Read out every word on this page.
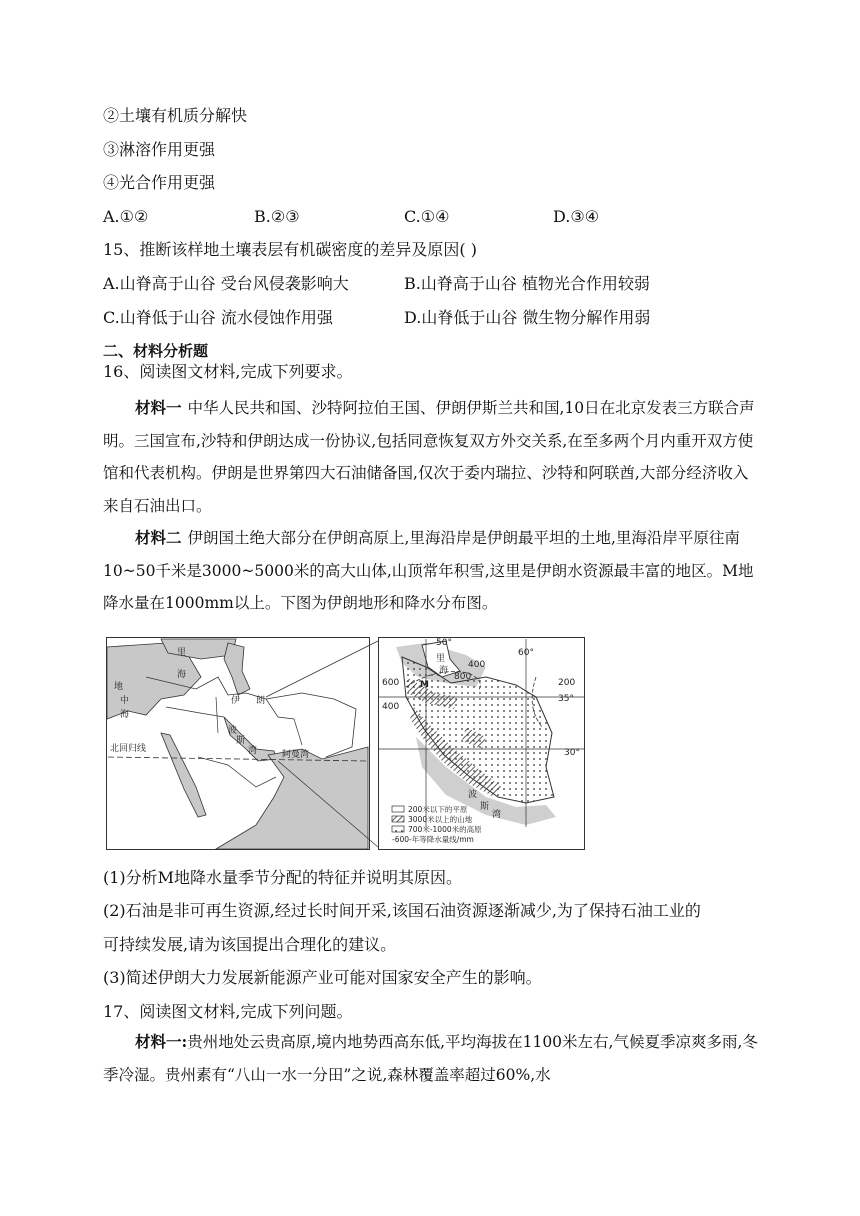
②土壤有机质分解快
③淋溶作用更强
④光合作用更强
A.①②	B.②③	C.①④	D.③④
15、推断该样地土壤表层有机碳密度的差异及原因( )
A.山脊高于山谷 受台风侵袭影响大	B.山脊高于山谷 植物光合作用较弱
C.山脊低于山谷 流水侵蚀作用强	D.山脊低于山谷 微生物分解作用弱
二、材料分析题
16、阅读图文材料,完成下列要求。
材料一 中华人民共和国、沙特阿拉伯王国、伊朗伊斯兰共和国,10日在北京发表三方联合声明。三国宣布,沙特和伊朗达成一份协议,包括同意恢复双方外交关系,在至多两个月内重开双方使馆和代表机构。伊朗是世界第四大石油储备国,仅次于委内瑞拉、沙特和阿联酋,大部分经济收入来自石油出口。
材料二 伊朗国土绝大部分在伊朗高原上,里海沿岸是伊朗最平坦的土地,里海沿岸平原往南10~50千米是3000~5000米的高大山体,山顶常年积雪,这里是伊朗水资源最丰富的地区。M地降水量在1000mm以上。下图为伊朗地形和降水分布图。
里
海
地
中
海
伊 朗
波
斯
湾	阿曼湾
北回归线
50°
60°
里
海
400
800
M	200
600
35°
400
30°
波
斯
湾
200米以下的平原
3000米以上的山地
700米-1000米的高原
-600-年等降水量线/mm
(1)分析M地降水量季节分配的特征并说明其原因。
(2)石油是非可再生资源,经过长时间开采,该国石油资源逐渐减少,为了保持石油工业的
可持续发展,请为该国提出合理化的建议。
(3)简述伊朗大力发展新能源产业可能对国家安全产生的影响。
17、阅读图文材料,完成下列问题。
材料一:贵州地处云贵高原,境内地势西高东低,平均海拔在1100米左右,气候夏季凉爽多雨,冬季冷湿。贵州素有“八山一水一分田”之说,森林覆盖率超过60%,水
